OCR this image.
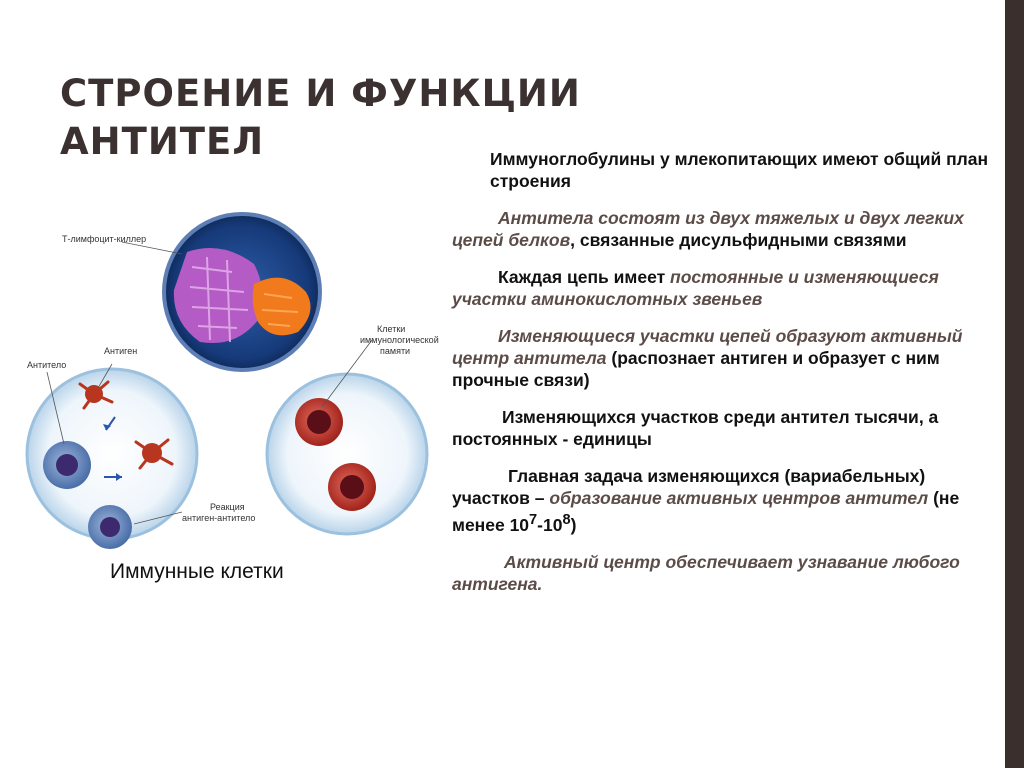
СТРОЕНИЕ И ФУНКЦИИ
АНТИТЕЛ
Т-лимфоцит-киллер
Клетки
иммунологической
памяти
Антитело
Антиген
Реакция
антиген-антитело
Иммунные клетки

Иммуноглобулины у млекопитающих имеют общий план строения

Антитела состоят из двух тяжелых и двух легких цепей белков, связанные дисульфидными связями

Каждая цепь имеет постоянные и изменяющиеся участки аминокислотных звеньев

Изменяющиеся участки цепей образуют активный центр антитела (распознает антиген и образует с ним прочные связи)

Изменяющихся участков среди антител тысячи, а постоянных - единицы

Главная задача изменяющихся (вариабельных) участков – образование активных центров антител (не менее $10^7-10^8$)

Активный центр обеспечивает узнавание любого антигена.
